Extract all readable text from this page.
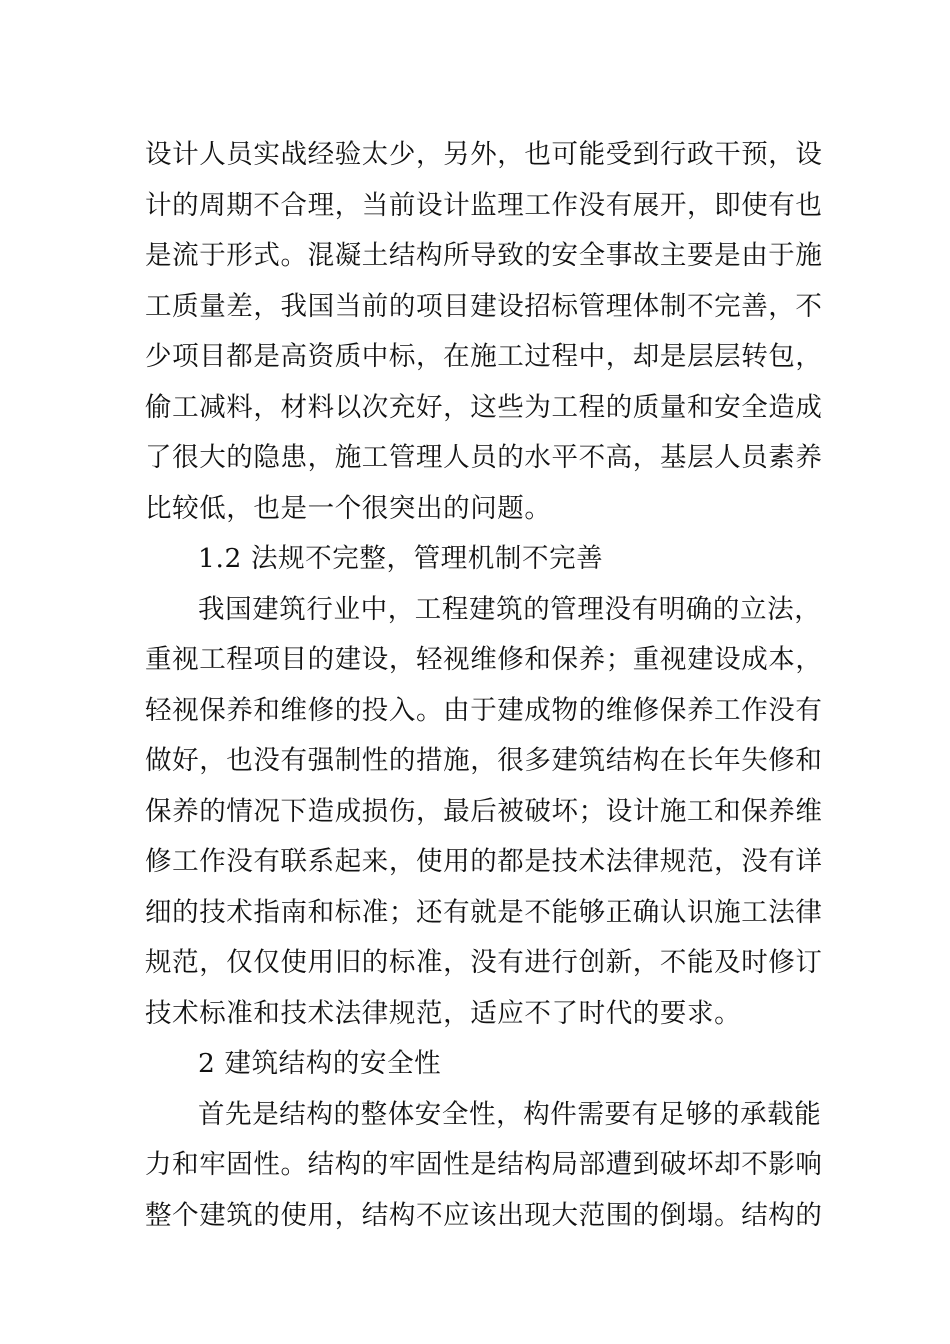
设计人员实战经验太少，另外，也可能受到行政干预，设
计的周期不合理，当前设计监理工作没有展开，即使有也
是流于形式。混凝土结构所导致的安全事故主要是由于施
工质量差，我国当前的项目建设招标管理体制不完善，不
少项目都是高资质中标，在施工过程中，却是层层转包，
偷工减料，材料以次充好，这些为工程的质量和安全造成
了很大的隐患，施工管理人员的水平不高，基层人员素养
比较低，也是一个很突出的问题。
1.2 法规不完整，管理机制不完善
我国建筑行业中，工程建筑的管理没有明确的立法，
重视工程项目的建设，轻视维修和保养；重视建设成本，
轻视保养和维修的投入。由于建成物的维修保养工作没有
做好，也没有强制性的措施，很多建筑结构在长年失修和
保养的情况下造成损伤，最后被破坏；设计施工和保养维
修工作没有联系起来，使用的都是技术法律规范，没有详
细的技术指南和标准；还有就是不能够正确认识施工法律
规范，仅仅使用旧的标准，没有进行创新，不能及时修订
技术标准和技术法律规范，适应不了时代的要求。
2 建筑结构的安全性
首先是结构的整体安全性，构件需要有足够的承载能
力和牢固性。结构的牢固性是结构局部遭到破坏却不影响
整个建筑的使用，结构不应该出现大范围的倒塌。结构的
